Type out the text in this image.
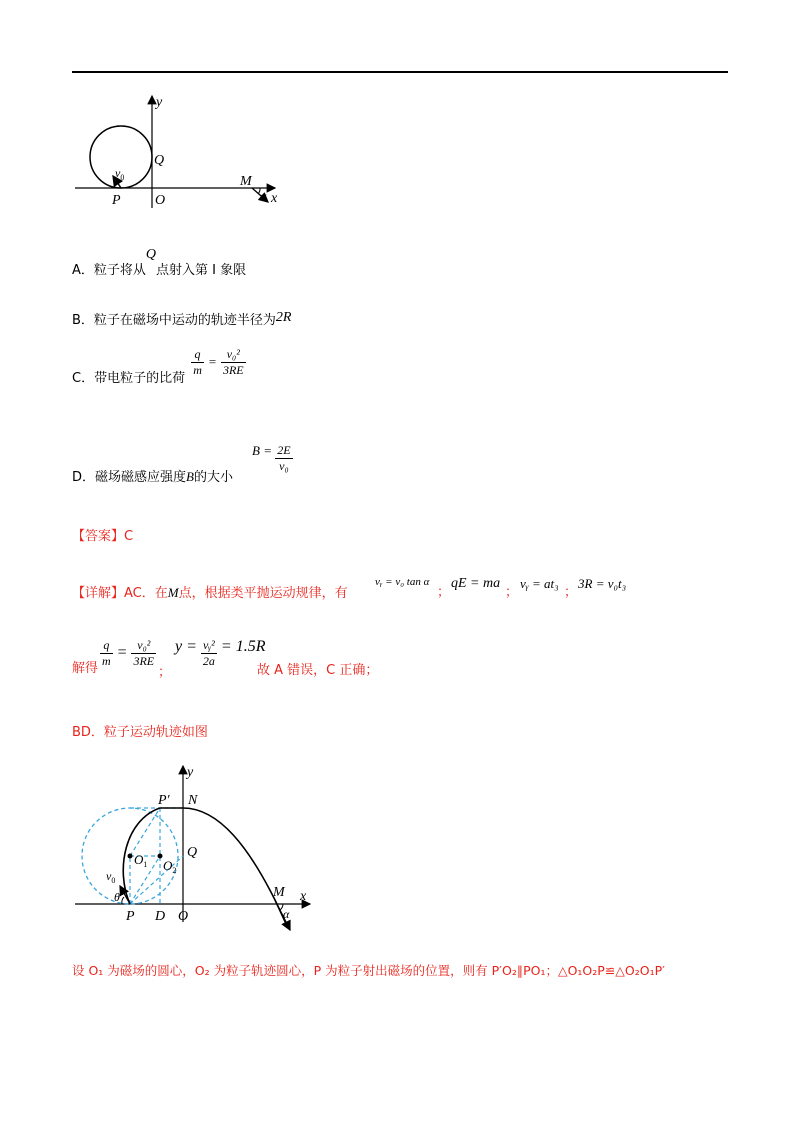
y
Q
$v_0$
P O
M
α x
A．粒子将从Q点射入第 I 象限
B．粒子在磁场中运动的轨迹半径为2R
C．带电粒子的比荷
$\frac{q}{m} = \frac{\text{v₀²}}{3RE}$
D．磁场磁感应强度B的大小
$B = \frac{2E}{\text{v₀}}$
【答案】C
【详解】AC．在M点，根据类平抛运动规律，有
vᵧ = v₀ tan α
；
qE = ma
；
vᵧ = at₃
；
3R = v₀t₃
解得 $\frac{q}{m} = \frac{\text{v₀²}}{3RE}$
；
$y = \frac{\text{vᵧ²}}{2a} = 1.5R$
故 A 错误，C 正确；
BD．粒子运动轨迹如图
y
P′ N
Q
$O_1$ $O_2$
$v_0$
θ
P D O
M x
α
设 O₁ 为磁场的圆心，O₂ 为粒子轨迹圆心，P 为粒子射出磁场的位置，则有 P′O₂∥PO₁；△O₁O₂P≌△O₂O₁P′
